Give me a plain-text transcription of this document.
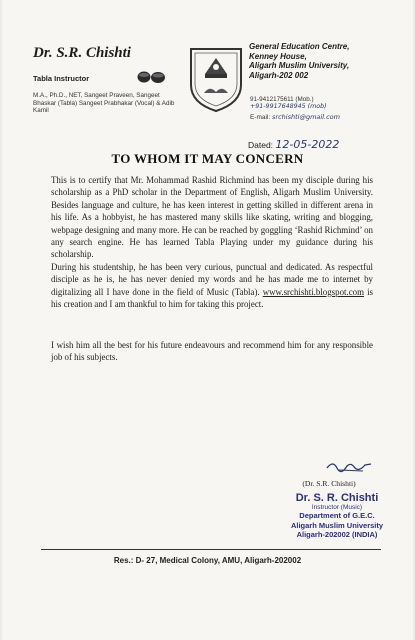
Dr. S.R. Chishti
Tabla Instructor
M.A., Ph.D., NET, Sangeet Praveen, Sangeet Bhaskar (Tabla) Sangeet Prabhakar (Vocal) & Adib Kamil
General Education Centre,
Kenney House,
Aligarh Muslim University,
Aligarh-202 002
91-9412175611 (Mob.)
+91-9917648945 (mob)
E-mail: srchishti@gmail.com
Dated: 12-05-2022
TO WHOM IT MAY CONCERN
This is to certify that Mr. Mohammad Rashid Richmind has been my disciple during his scholarship as a PhD scholar in the Department of English, Aligarh Muslim University. Besides language and culture, he has keen interest in getting skilled in different arena in his life. As a hobbyist, he has mastered many skills like skating, writing and blogging, webpage designing and many more. He can be reached by goggling ‘Rashid Richmind’ on any search engine. He has learned Tabla Playing under my guidance during his scholarship.
During his studentship, he has been very curious, punctual and dedicated. As respectful disciple as he is, he has never denied my words and he has made me to internet by digitalizing all I have done in the field of Music (Tabla). www.srchishti.blogspot.com is his creation and I am thankful to him for taking this project.
I wish him all the best for his future endeavours and recommend him for any responsible job of his subjects.
(Dr. S.R. Chishti)
Dr. S. R. Chishti
Instructor (Music)
Department of G.E.C.
Aligarh Muslim University
Aligarh-202002 (INDIA)
Res.: D- 27, Medical Colony, AMU, Aligarh-202002
